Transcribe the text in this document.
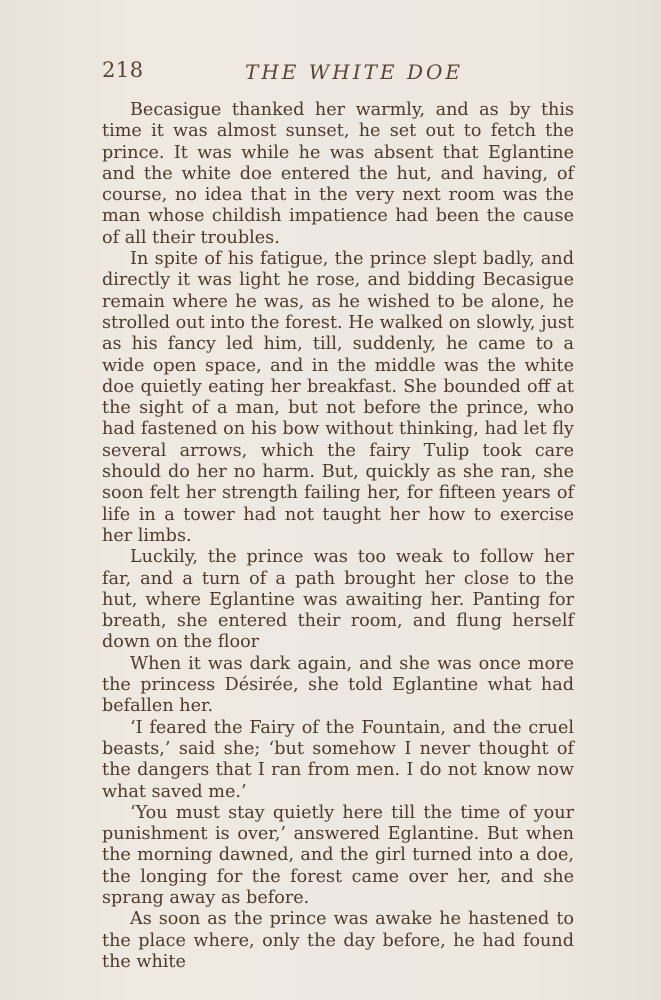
218	THE WHITE DOE

Becasigue thanked her warmly, and as by this time it was almost sunset, he set out to fetch the prince. It was while he was absent that Eglantine and the white doe entered the hut, and having, of course, no idea that in the very next room was the man whose childish impatience had been the cause of all their troubles.

In spite of his fatigue, the prince slept badly, and directly it was light he rose, and bidding Becasigue remain where he was, as he wished to be alone, he strolled out into the forest. He walked on slowly, just as his fancy led him, till, suddenly, he came to a wide open space, and in the middle was the white doe quietly eating her breakfast. She bounded off at the sight of a man, but not before the prince, who had fastened on his bow without thinking, had let fly several arrows, which the fairy Tulip took care should do her no harm. But, quickly as she ran, she soon felt her strength failing her, for fifteen years of life in a tower had not taught her how to exercise her limbs.

Luckily, the prince was too weak to follow her far, and a turn of a path brought her close to the hut, where Eglantine was awaiting her. Panting for breath, she entered their room, and flung herself down on the floor

When it was dark again, and she was once more the princess Désirée, she told Eglantine what had befallen her.

‘I feared the Fairy of the Fountain, and the cruel beasts,’ said she; ‘but somehow I never thought of the dangers that I ran from men. I do not know now what saved me.’

‘You must stay quietly here till the time of your punishment is over,’ answered Eglantine. But when the morning dawned, and the girl turned into a doe, the longing for the forest came over her, and she sprang away as before.

As soon as the prince was awake he hastened to the place where, only the day before, he had found the white
